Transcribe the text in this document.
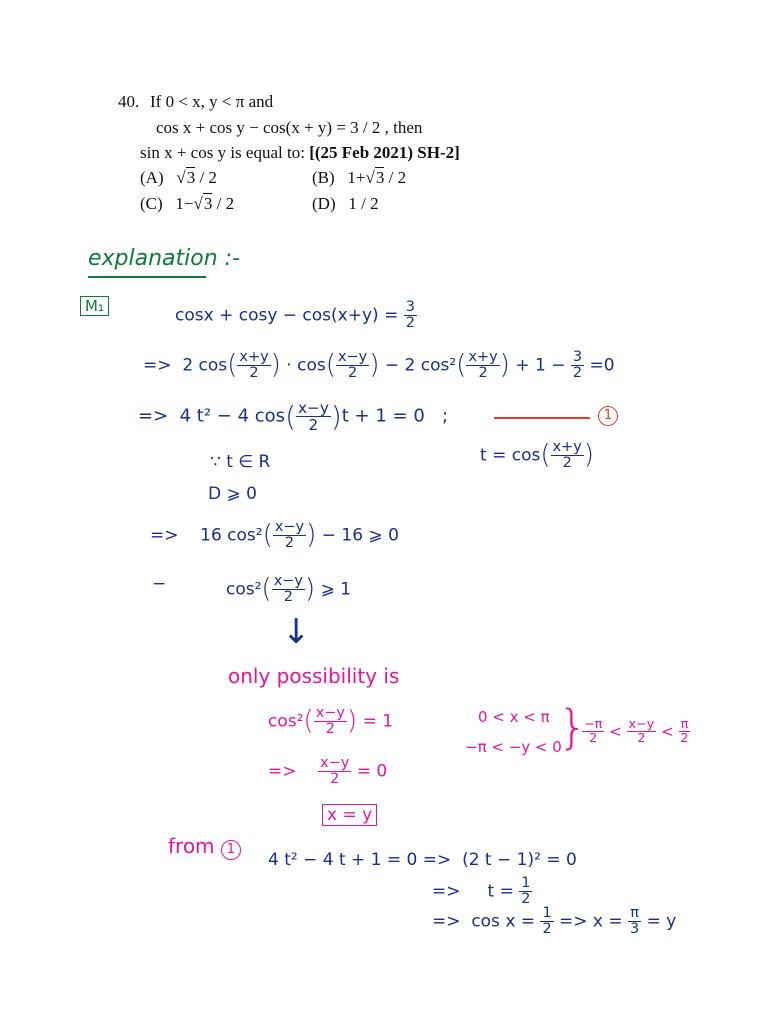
40. If 0 < x, y < π and
cos x + cos y − cos(x + y) = 3 / 2 , then
sin x + cos y is equal to: [(25 Feb 2021) SH-2]
(A) √3 / 2	(B) 1+√3 / 2
(C) 1−√3 / 2	(D) 1 / 2
explanation :-
M₁	$\cos x + \cos y - \cos(x+y) = \frac{3}{2}$
=> 2 $\cos( \frac{x+y}{2}$ ) · $\cos( \frac{x-y}{2}$ ) − 2 $\cos^2( \frac{x+y}{2}$ ) + $1 - \frac{3}{2} =0$
=> 4 t² − 4 $\cos( \frac{x-y}{2} )t + 1 = 0$ ;	1
$t = \cos( \frac{x+y}{2}$ )
∵ t ∈ R
D ⩾ 0
=> 16 $\cos^2( \frac{x-y}{2}$ ) − 16 ⩾ 0
−	$\cos^2( \frac{x-y}{2}$ ) ⩾ 1
↓
only possibility is
$\cos^2( \frac{x-y}{2}$ ) = 1	0 < x < π
−π < −y < 0
}
$\frac{-\pi}{2} < \frac{x-y}{2} < \frac{\pi}{2}$
=> $\frac{x-y}{2} = 0$
x = y
from 1
4 t² − 4 t + 1 = 0 => (2 t − 1)² = 0
=> $t = \frac{1}{2}$
=> $\cos x = \frac{1}{2} => x = \frac{\pi}{3} = y$
